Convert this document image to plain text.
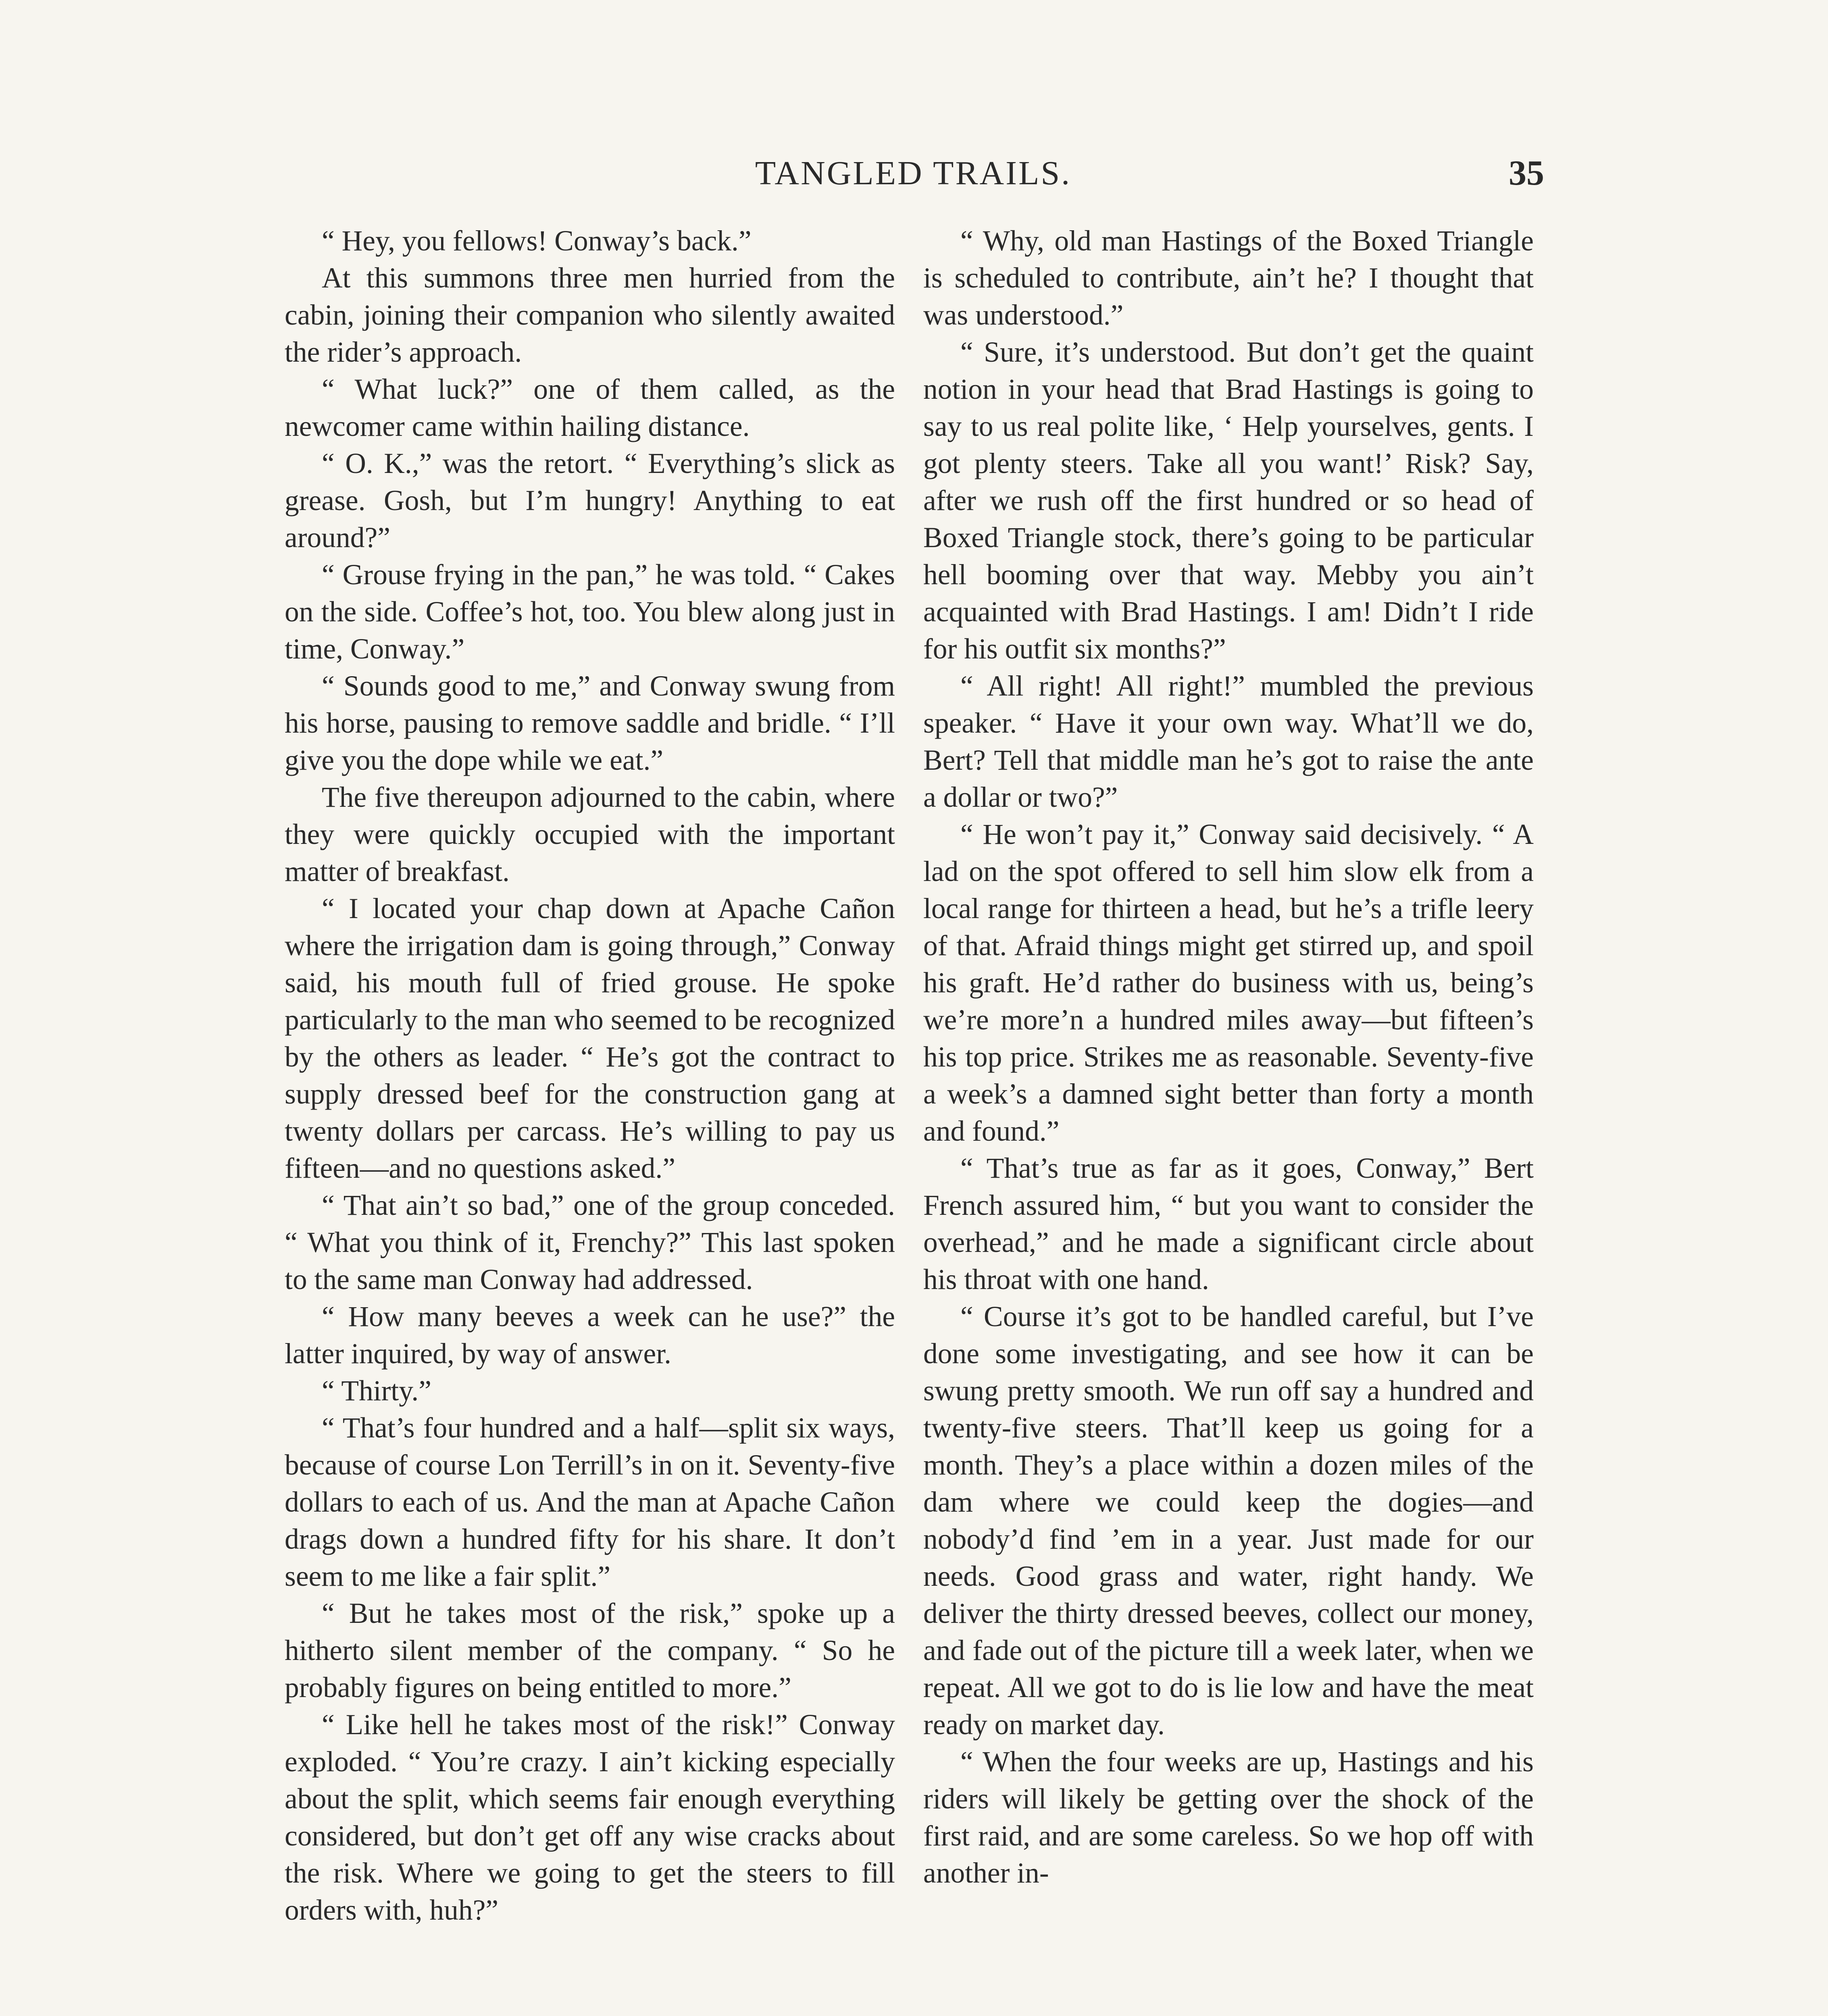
TANGLED TRAILS.	35

“ Hey, you fellows! Conway’s back.”

At this summons three men hurried from the cabin, joining their companion who silently awaited the rider’s approach.

“ What luck?” one of them called, as the newcomer came within hailing distance.

“ O. K.,” was the retort. “ Everything’s slick as grease. Gosh, but I’m hungry! Anything to eat around?”

“ Grouse frying in the pan,” he was told. “ Cakes on the side. Coffee’s hot, too. You blew along just in time, Conway.”

“ Sounds good to me,” and Conway swung from his horse, pausing to remove saddle and bridle. “ I’ll give you the dope while we eat.”

The five thereupon adjourned to the cabin, where they were quickly occupied with the important matter of breakfast.

“ I located your chap down at Apache Cañon where the irrigation dam is going through,” Conway said, his mouth full of fried grouse. He spoke particularly to the man who seemed to be recognized by the others as leader. “ He’s got the contract to supply dressed beef for the construction gang at twenty dollars per carcass. He’s willing to pay us fifteen—and no questions asked.”

“ That ain’t so bad,” one of the group conceded. “ What you think of it, Frenchy?” This last spoken to the same man Conway had addressed.

“ How many beeves a week can he use?” the latter inquired, by way of answer.

“ Thirty.”

“ That’s four hundred and a half—split six ways, because of course Lon Terrill’s in on it. Seventy-five dollars to each of us. And the man at Apache Cañon drags down a hundred fifty for his share. It don’t seem to me like a fair split.”

“ But he takes most of the risk,” spoke up a hitherto silent member of the company. “ So he probably figures on being entitled to more.”

“ Like hell he takes most of the risk!” Conway exploded. “ You’re crazy. I ain’t kicking especially about the split, which seems fair enough everything considered, but don’t get off any wise cracks about the risk. Where we going to get the steers to fill orders with, huh?”

“ Why, old man Hastings of the Boxed Triangle is scheduled to contribute, ain’t he? I thought that was understood.”

“ Sure, it’s understood. But don’t get the quaint notion in your head that Brad Hastings is going to say to us real polite like, ‘ Help yourselves, gents. I got plenty steers. Take all you want!’ Risk? Say, after we rush off the first hundred or so head of Boxed Triangle stock, there’s going to be particular hell booming over that way. Mebby you ain’t acquainted with Brad Hastings. I am! Didn’t I ride for his outfit six months?”

“ All right! All right!” mumbled the previous speaker. “ Have it your own way. What’ll we do, Bert? Tell that middle man he’s got to raise the ante a dollar or two?”

“ He won’t pay it,” Conway said decisively. “ A lad on the spot offered to sell him slow elk from a local range for thirteen a head, but he’s a trifle leery of that. Afraid things might get stirred up, and spoil his graft. He’d rather do business with us, being’s we’re more’n a hundred miles away—but fifteen’s his top price. Strikes me as reasonable. Seventy-five a week’s a damned sight better than forty a month and found.”

“ That’s true as far as it goes, Conway,” Bert French assured him, “ but you want to consider the overhead,” and he made a significant circle about his throat with one hand.

“ Course it’s got to be handled careful, but I’ve done some investigating, and see how it can be swung pretty smooth. We run off say a hundred and twenty-five steers. That’ll keep us going for a month. They’s a place within a dozen miles of the dam where we could keep the dogies—and nobody’d find ’em in a year. Just made for our needs. Good grass and water, right handy. We deliver the thirty dressed beeves, collect our money, and fade out of the picture till a week later, when we repeat. All we got to do is lie low and have the meat ready on market day.

“ When the four weeks are up, Hastings and his riders will likely be getting over the shock of the first raid, and are some careless. So we hop off with another in-
